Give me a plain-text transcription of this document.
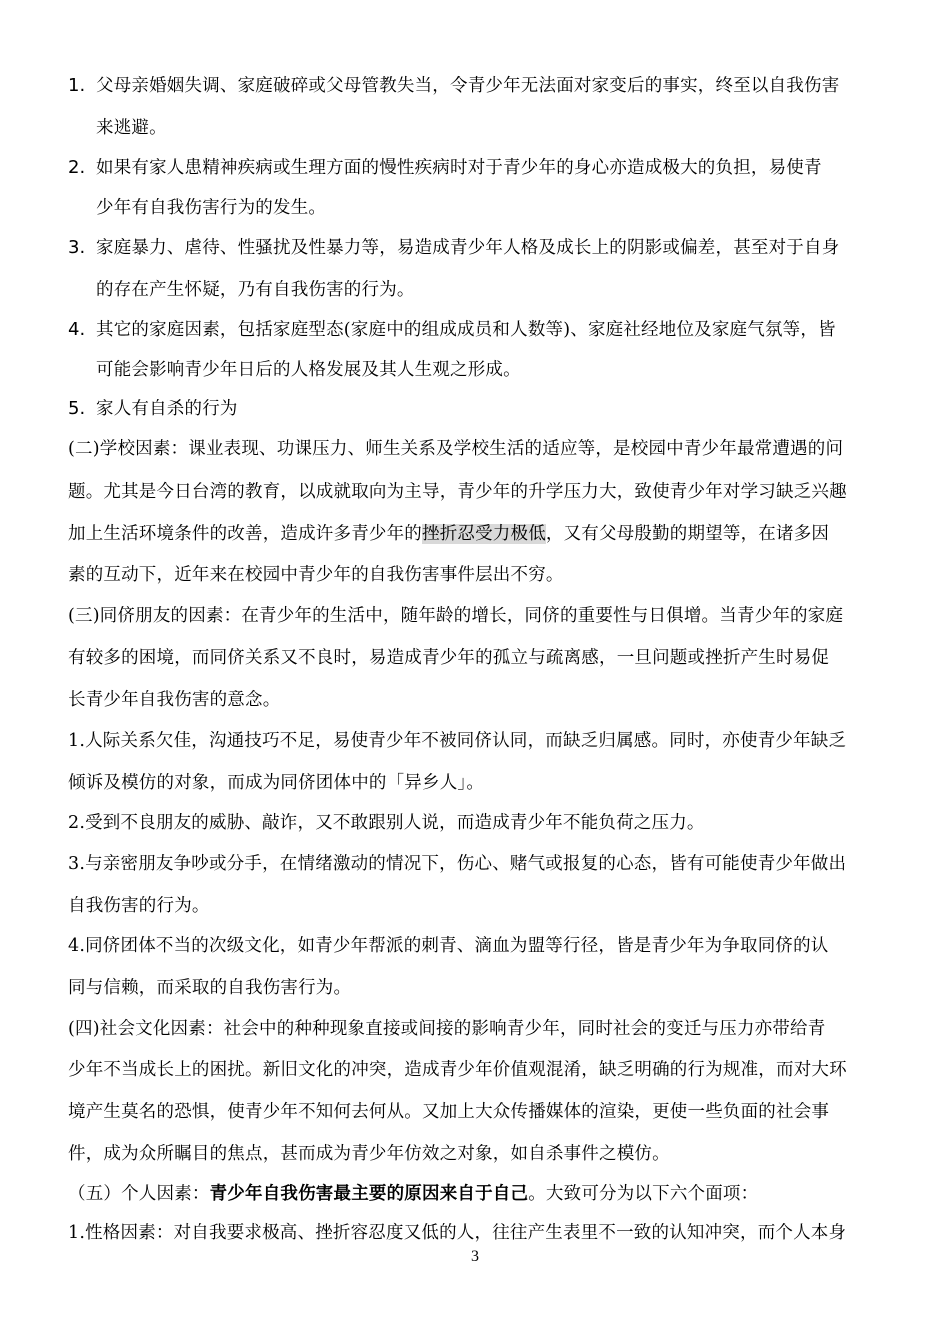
1. 父母亲婚姻失调、家庭破碎或父母管教失当，令青少年无法面对家变后的事实，终至以自我伤害
来逃避。
2. 如果有家人患精神疾病或生理方面的慢性疾病时对于青少年的身心亦造成极大的负担，易使青
少年有自我伤害行为的发生。
3. 家庭暴力、虐待、性骚扰及性暴力等，易造成青少年人格及成长上的阴影或偏差，甚至对于自身
的存在产生怀疑，乃有自我伤害的行为。
4. 其它的家庭因素，包括家庭型态(家庭中的组成成员和人数等)、家庭社经地位及家庭气氛等，皆
可能会影响青少年日后的人格发展及其人生观之形成。
5. 家人有自杀的行为
(二)学校因素：课业表现、功课压力、师生关系及学校生活的适应等，是校园中青少年最常遭遇的问
题。尤其是今日台湾的教育，以成就取向为主导，青少年的升学压力大，致使青少年对学习缺乏兴趣
加上生活环境条件的改善，造成许多青少年的挫折忍受力极低，又有父母殷勤的期望等，在诸多因
素的互动下，近年来在校园中青少年的自我伤害事件层出不穷。
(三)同侪朋友的因素：在青少年的生活中，随年龄的增长，同侪的重要性与日俱增。当青少年的家庭
有较多的困境，而同侪关系又不良时，易造成青少年的孤立与疏离感，一旦问题或挫折产生时易促
长青少年自我伤害的意念。
1.人际关系欠佳，沟通技巧不足，易使青少年不被同侪认同，而缺乏归属感。同时，亦使青少年缺乏
倾诉及模仿的对象，而成为同侪团体中的「异乡人」。
2.受到不良朋友的威胁、敲诈，又不敢跟别人说，而造成青少年不能负荷之压力。
3.与亲密朋友争吵或分手，在情绪激动的情况下，伤心、赌气或报复的心态，皆有可能使青少年做出
自我伤害的行为。
4.同侪团体不当的次级文化，如青少年帮派的刺青、滴血为盟等行径，皆是青少年为争取同侪的认
同与信赖，而采取的自我伤害行为。
(四)社会文化因素：社会中的种种现象直接或间接的影响青少年，同时社会的变迁与压力亦带给青
少年不当成长上的困扰。新旧文化的冲突，造成青少年价值观混淆，缺乏明确的行为规准，而对大环
境产生莫名的恐惧，使青少年不知何去何从。又加上大众传播媒体的渲染，更使一些负面的社会事
件，成为众所瞩目的焦点，甚而成为青少年仿效之对象，如自杀事件之模仿。
（五）个人因素：青少年自我伤害最主要的原因来自于自己。大致可分为以下六个面项：
1.性格因素：对自我要求极高、挫折容忍度又低的人，往往产生表里不一致的认知冲突，而个人本身
3
